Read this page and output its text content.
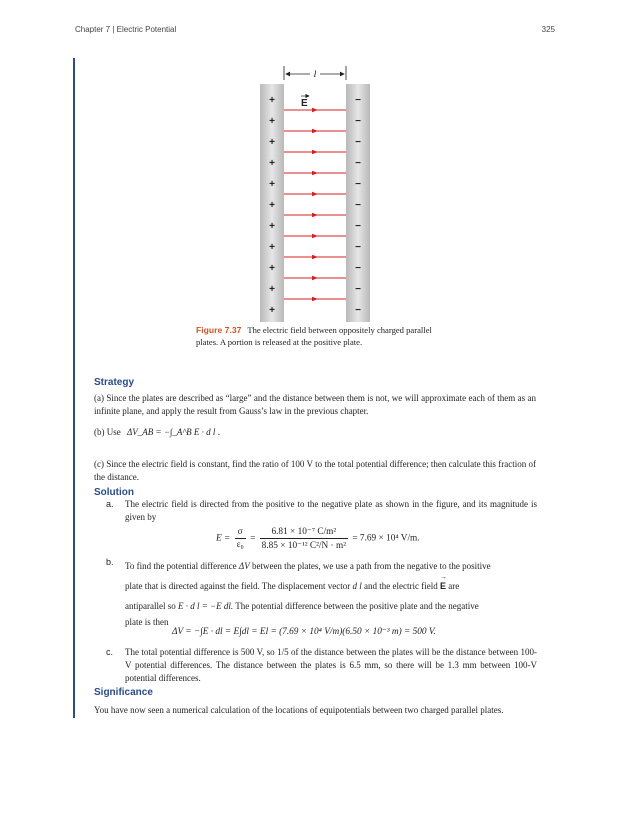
Chapter 7 | Electric Potential	325
l
E
+	−
+	−
+	−
+	−
+	−
+	−
+	−
+	−
+	−
+	−
+	−
Figure 7.37 The electric field between oppositely charged parallel plates. A portion is released at the positive plate.
Strategy
(a) Since the plates are described as “large” and the distance between them is not, we will approximate each of them as an infinite plane, and apply the result from Gauss’s law in the previous chapter.
(b) Use ΔV_AB = −∫_A^B E · d l .
(c) Since the electric field is constant, find the ratio of 100 V to the total potential difference; then calculate this fraction of the distance.
Solution
a. The electric field is directed from the positive to the negative plate as shown in the figure, and its magnitude is given by
$E = \frac{\sigma}{\text{ε₀}} = \frac{\text{6.81 × 10⁻⁷ C/m²}}{\text{8.85 × 10⁻¹² C²/N · m²}} = 7.69 \times 10^4$ V/m.
b. To find the potential difference ΔV between the plates, we use a path from the negative to the positive
plate that is directed against the field. The displacement vector d l and the electric field → E are
antiparallel so E · d l = −E dl. The potential difference between the positive plate and the negative
plate is then
ΔV = −∫E · dl = E∫dl = El = (7.69 × 10⁴ V/m)(6.50 × 10⁻³ m) = 500 V.
c. The total potential difference is 500 V, so 1/5 of the distance between the plates will be the distance between 100-V potential differences. The distance between the plates is 6.5 mm, so there will be 1.3 mm between 100-V potential differences.
Significance
You have now seen a numerical calculation of the locations of equipotentials between two charged parallel plates.
